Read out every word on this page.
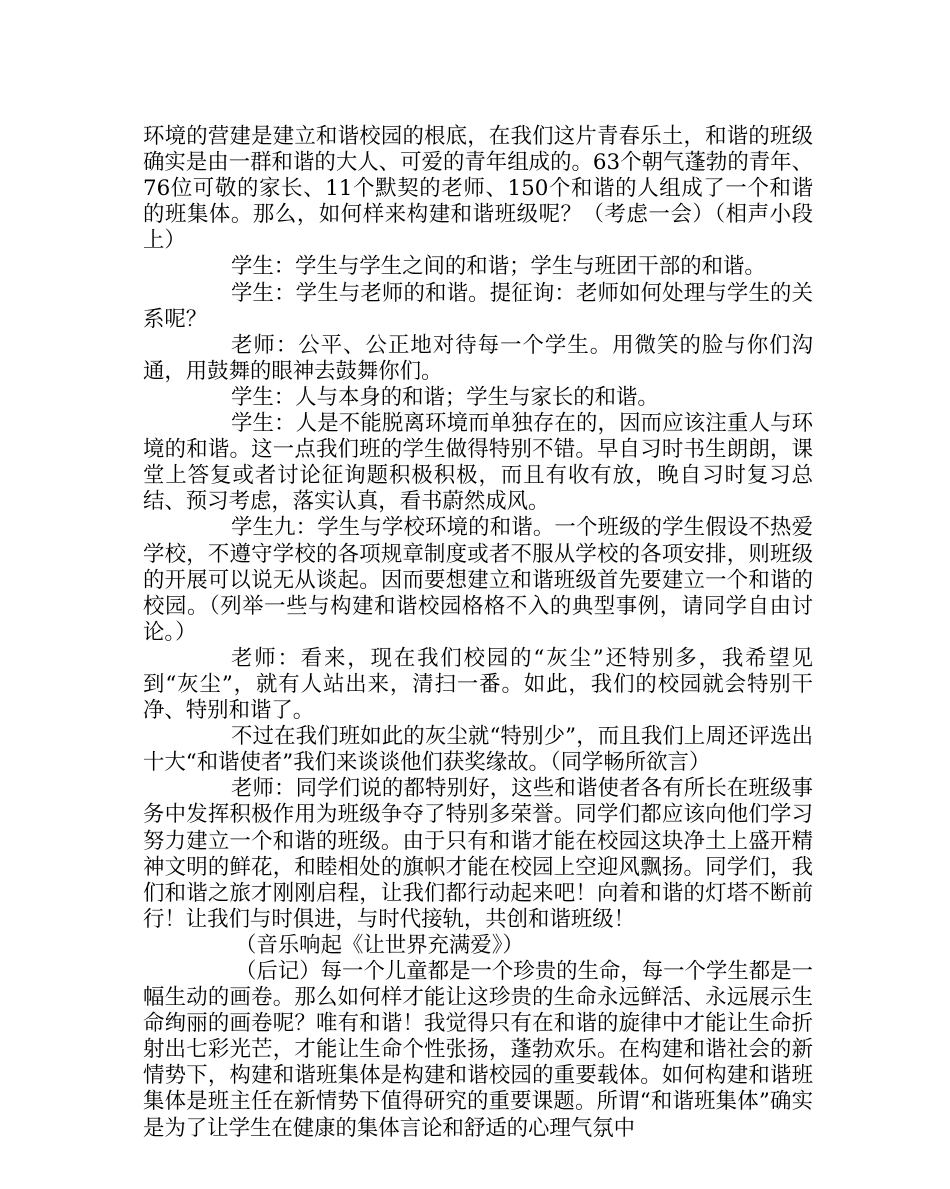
环境的营建是建立和谐校园的根底，在我们这片青春乐土，和谐的班级确实是由一群和谐的大人、可爱的青年组成的。63个朝气蓬勃的青年、76位可敬的家长、11个默契的老师、150个和谐的人组成了一个和谐的班集体。那么，如何样来构建和谐班级呢？（考虑一会）（相声小段上）

学生：学生与学生之间的和谐；学生与班团干部的和谐。

学生：学生与老师的和谐。提征询：老师如何处理与学生的关系呢？

老师：公平、公正地对待每一个学生。用微笑的脸与你们沟通，用鼓舞的眼神去鼓舞你们。

学生：人与本身的和谐；学生与家长的和谐。

学生：人是不能脱离环境而单独存在的，因而应该注重人与环境的和谐。这一点我们班的学生做得特别不错。早自习时书生朗朗，课堂上答复或者讨论征询题积极积极，而且有收有放，晚自习时复习总结、预习考虑，落实认真，看书蔚然成风。

学生九：学生与学校环境的和谐。一个班级的学生假设不热爱学校，不遵守学校的各项规章制度或者不服从学校的各项安排，则班级的开展可以说无从谈起。因而要想建立和谐班级首先要建立一个和谐的校园。（列举一些与构建和谐校园格格不入的典型事例，请同学自由讨论。）

老师：看来，现在我们校园的“灰尘”还特别多，我希望见到“灰尘”，就有人站出来，清扫一番。如此，我们的校园就会特别干净、特别和谐了。

不过在我们班如此的灰尘就“特别少”，而且我们上周还评选出十大“和谐使者”我们来谈谈他们获奖缘故。（同学畅所欲言）

老师：同学们说的都特别好，这些和谐使者各有所长在班级事务中发挥积极作用为班级争夺了特别多荣誉。同学们都应该向他们学习努力建立一个和谐的班级。由于只有和谐才能在校园这块净土上盛开精神文明的鲜花，和睦相处的旗帜才能在校园上空迎风飘扬。同学们，我们和谐之旅才刚刚启程，让我们都行动起来吧！向着和谐的灯塔不断前行！让我们与时俱进，与时代接轨，共创和谐班级！

（音乐响起《让世界充满爱》）

（后记）每一个儿童都是一个珍贵的生命，每一个学生都是一幅生动的画卷。那么如何样才能让这珍贵的生命永远鲜活、永远展示生命绚丽的画卷呢？唯有和谐！我觉得只有在和谐的旋律中才能让生命折射出七彩光芒，才能让生命个性张扬，蓬勃欢乐。在构建和谐社会的新情势下，构建和谐班集体是构建和谐校园的重要载体。如何构建和谐班集体是班主任在新情势下值得研究的重要课题。所谓“和谐班集体”确实是为了让学生在健康的集体言论和舒适的心理气氛中
